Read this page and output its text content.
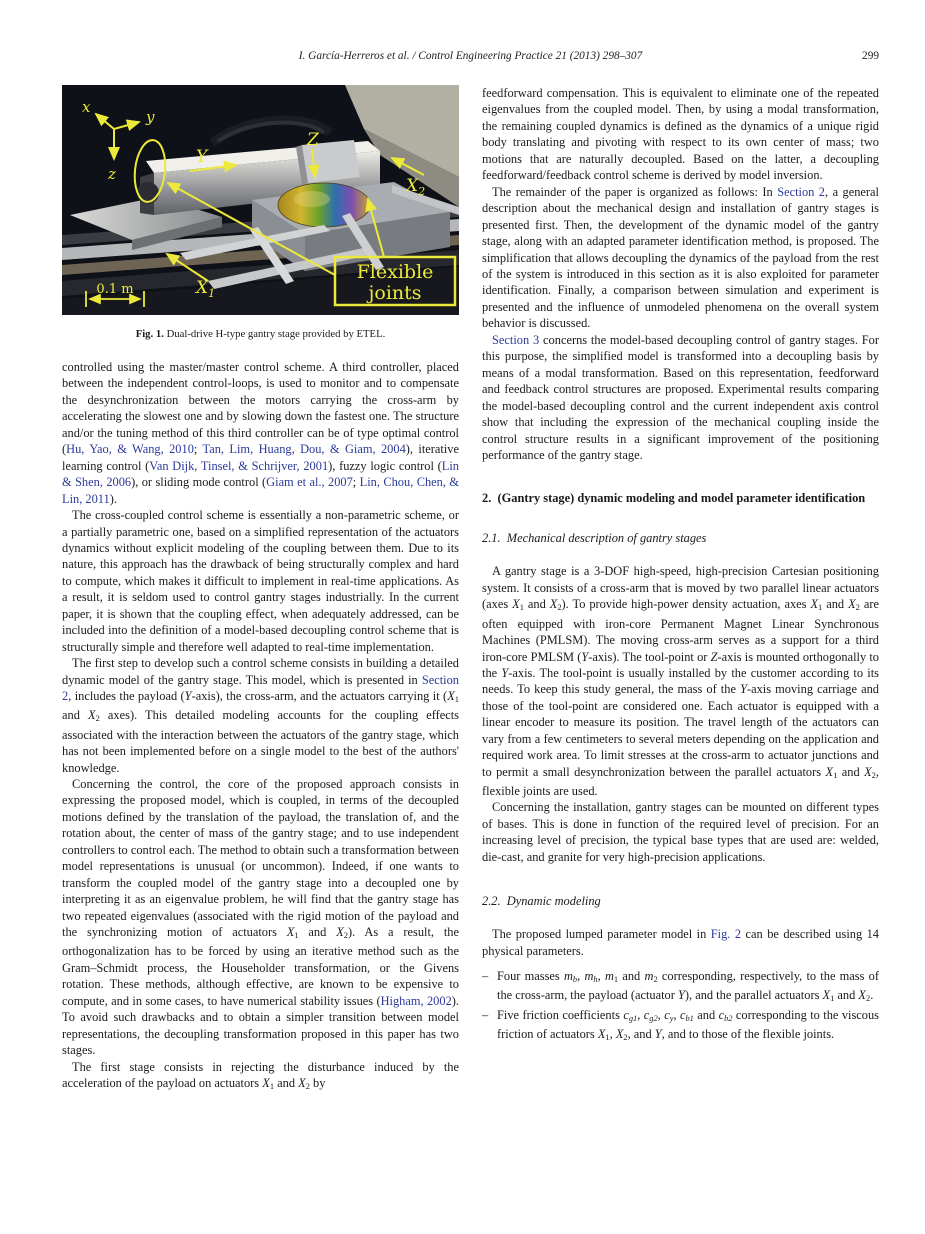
I. García-Herreros et al. / Control Engineering Practice 21 (2013) 298–307	299
x
y
z
Y
Z
$X_1$
$X_2$
Flexible
joints
0.1 m
Fig. 1. Dual-drive H-type gantry stage provided by ETEL.

controlled using the master/master control scheme. A third controller, placed between the independent control-loops, is used to monitor and to compensate the desynchronization between the motors carrying the cross-arm by accelerating the slowest one and by slowing down the fastest one. The structure and/or the tuning method of this third controller can be of type optimal control (Hu, Yao, & Wang, 2010; Tan, Lim, Huang, Dou, & Giam, 2004), iterative learning control (Van Dijk, Tinsel, & Schrijver, 2001), fuzzy logic control (Lin & Shen, 2006), or sliding mode control (Giam et al., 2007; Lin, Chou, Chen, & Lin, 2011).

The cross-coupled control scheme is essentially a non-parametric scheme, or a partially parametric one, based on a simplified representation of the actuators dynamics without explicit modeling of the coupling between them. Due to its nature, this approach has the drawback of being structurally complex and hard to compute, which makes it difficult to implement in real-time applications. As a result, it is seldom used to control gantry stages industrially. In the current paper, it is shown that the coupling effect, when adequately addressed, can be included into the definition of a model-based decoupling control scheme that is structurally simple and therefore well adapted to real-time implementation.

The first step to develop such a control scheme consists in building a detailed dynamic model of the gantry stage. This model, which is presented in Section 2, includes the payload (Y-axis), the cross-arm, and the actuators carrying it ($X_1$ and $X_2$ axes). This detailed modeling accounts for the coupling effects associated with the interaction between the actuators of the gantry stage, which has not been implemented before on a single model to the best of the authors' knowledge.

Concerning the control, the core of the proposed approach consists in expressing the proposed model, which is coupled, in terms of the decoupled motions defined by the translation of the payload, the translation of, and the rotation about, the center of mass of the gantry stage; and to use independent controllers to control each. The method to obtain such a transformation between model representations is unusual (or uncommon). Indeed, if one wants to transform the coupled model of the gantry stage into a decoupled one by interpreting it as an eigenvalue problem, he will find that the gantry stage has two repeated eigenvalues (associated with the rigid motion of the payload and the synchronizing motion of actuators $X_1$ and $X_2$). As a result, the orthogonalization has to be forced by using an iterative method such as the Gram–Schmidt process, the Householder transformation, or the Givens rotation. These methods, although effective, are known to be expensive to compute, and in some cases, to have numerical stability issues (Higham, 2002). To avoid such drawbacks and to obtain a simpler transition between model representations, the decoupling transformation proposed in this paper has two stages.

The first stage consists in rejecting the disturbance induced by the acceleration of the payload on actuators $X_1$ and $X_2$ by

feedforward compensation. This is equivalent to eliminate one of the repeated eigenvalues from the coupled model. Then, by using a modal transformation, the remaining coupled dynamics is defined as the dynamics of a unique rigid body translating and pivoting with respect to its own center of mass; two motions that are naturally decoupled. Based on the latter, a decoupling feedforward/feedback control scheme is derived by model inversion.

The remainder of the paper is organized as follows: In Section 2, a general description about the mechanical design and installation of gantry stages is presented first. Then, the development of the dynamic model of the gantry stage, along with an adapted parameter identification method, is proposed. The simplification that allows decoupling the dynamics of the payload from the rest of the system is introduced in this section as it is also exploited for parameter identification. Finally, a comparison between simulation and experiment is presented and the influence of unmodeled phenomena on the overall system behavior is discussed.

Section 3 concerns the model-based decoupling control of gantry stages. For this purpose, the simplified model is transformed into a decoupling basis by means of a modal transformation. Based on this representation, feedforward and feedback control structures are proposed. Experimental results comparing the model-based decoupling control and the current independent axis control show that including the expression of the mechanical coupling inside the control structure results in a significant improvement of the positioning performance of the gantry stage.

2. (Gantry stage) dynamic modeling and model parameter identification
2.1. Mechanical description of gantry stages

A gantry stage is a 3-DOF high-speed, high-precision Cartesian positioning system. It consists of a cross-arm that is moved by two parallel linear actuators (axes $X_1$ and $X_2$). To provide high-power density actuation, axes $X_1$ and $X_2$ are often equipped with iron-core Permanent Magnet Linear Synchronous Machines (PMLSM). The moving cross-arm serves as a support for a third iron-core PMLSM (Y-axis). The tool-point or Z-axis is mounted orthogonally to the Y-axis. The tool-point is usually installed by the customer according to its needs. To keep this study general, the mass of the Y-axis moving carriage and those of the tool-point are considered one. Each actuator is equipped with a linear encoder to measure its position. The travel length of the actuators can vary from a few centimeters to several meters depending on the application and required work area. To limit stresses at the cross-arm to actuator junctions and to permit a small desynchronization between the parallel actuators $X_1$ and $X_2$, flexible joints are used.

Concerning the installation, gantry stages can be mounted on different types of bases. This is done in function of the required level of precision. For an increasing level of precision, the typical base types that are used are: welded, die-cast, and granite for very high-precision applications.

2.2. Dynamic modeling

The proposed lumped parameter model in Fig. 2 can be described using 14 physical parameters.

– Four masses mb, mh, $m_1$ and $m_2$ corresponding, respectively, to the mass of the cross-arm, the payload (actuator Y), and the parallel actuators $X_1$ and $X_2$.
– Five friction coefficients cg1, cg2, cy, cb1 and cb2 corresponding to the viscous friction of actuators $X_1$, $X_2$, and Y, and to those of the flexible joints.
